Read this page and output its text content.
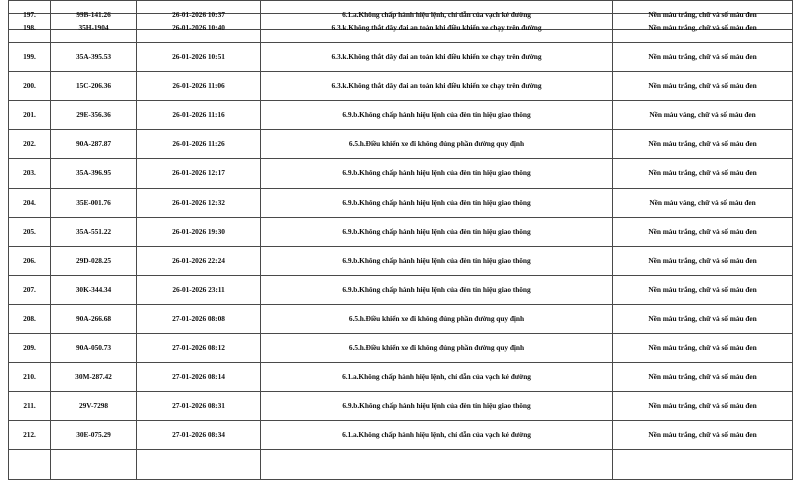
197.	99B-141.26	26-01-2026 10:37	6.1.a.Không chấp hành hiệu lệnh, chỉ dẫn của vạch kẻ đường	Nền màu trắng, chữ và số màu đen
198.	35H-1904	26-01-2026 10:40	6.3.k.Không thắt dây đai an toàn khi điều khiển xe chạy trên đường	Nền màu trắng, chữ và số màu đen
199.	35A-395.53	26-01-2026 10:51	6.3.k.Không thắt dây đai an toàn khi điều khiển xe chạy trên đường	Nền màu trắng, chữ và số màu đen
200.	15C-206.36	26-01-2026 11:06	6.3.k.Không thắt dây đai an toàn khi điều khiển xe chạy trên đường	Nền màu trắng, chữ và số màu đen
201.	29E-356.36	26-01-2026 11:16	6.9.b.Không chấp hành hiệu lệnh của đèn tín hiệu giao thông	Nền màu vàng, chữ và số màu đen
202.	90A-287.87	26-01-2026 11:26	6.5.h.Điều khiển xe đi không đúng phần đường quy định	Nền màu trắng, chữ và số màu đen
203.	35A-396.95	26-01-2026 12:17	6.9.b.Không chấp hành hiệu lệnh của đèn tín hiệu giao thông	Nền màu trắng, chữ và số màu đen
204.	35E-001.76	26-01-2026 12:32	6.9.b.Không chấp hành hiệu lệnh của đèn tín hiệu giao thông	Nền màu vàng, chữ và số màu đen
205.	35A-551.22	26-01-2026 19:30	6.9.b.Không chấp hành hiệu lệnh của đèn tín hiệu giao thông	Nền màu trắng, chữ và số màu đen
206.	29D-028.25	26-01-2026 22:24	6.9.b.Không chấp hành hiệu lệnh của đèn tín hiệu giao thông	Nền màu trắng, chữ và số màu đen
207.	30K-344.34	26-01-2026 23:11	6.9.b.Không chấp hành hiệu lệnh của đèn tín hiệu giao thông	Nền màu trắng, chữ và số màu đen
208.	90A-266.68	27-01-2026 08:08	6.5.h.Điều khiển xe đi không đúng phần đường quy định	Nền màu trắng, chữ và số màu đen
209.	90A-050.73	27-01-2026 08:12	6.5.h.Điều khiển xe đi không đúng phần đường quy định	Nền màu trắng, chữ và số màu đen
210.	30M-287.42	27-01-2026 08:14	6.1.a.Không chấp hành hiệu lệnh, chỉ dẫn của vạch kẻ đường	Nền màu trắng, chữ và số màu đen
211.	29V-7298	27-01-2026 08:31	6.9.b.Không chấp hành hiệu lệnh của đèn tín hiệu giao thông	Nền màu trắng, chữ và số màu đen
212.	30E-075.29	27-01-2026 08:34	6.1.a.Không chấp hành hiệu lệnh, chỉ dẫn của vạch kẻ đường	Nền màu trắng, chữ và số màu đen
